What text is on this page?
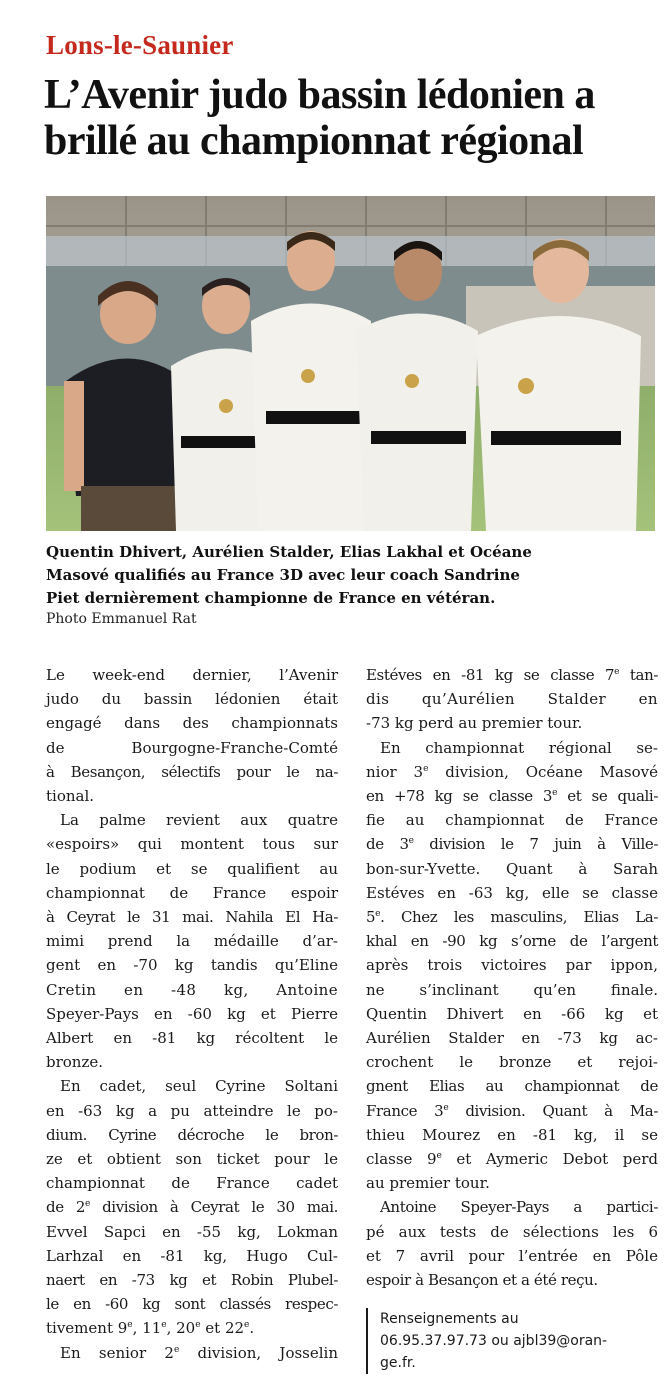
Lons-le-Saunier
L’Avenir judo bassin lédonien a
brillé au championnat régional
Quentin Dhivert, Aurélien Stalder, Elias Lakhal et Océane
Masové qualifiés au France 3D avec leur coach Sandrine
Piet dernièrement championne de France en vétéran.
Photo Emmanuel Rat
Le week-end dernier, l’Avenir
judo du bassin lédonien était
engagé dans des championnats
de Bourgogne-Franche-Comté
à Besançon, sélectifs pour le na-
tional.
La palme revient aux quatre
«espoirs» qui montent tous sur
le podium et se qualifient au
championnat de France espoir
à Ceyrat le 31 mai. Nahila El Ha-
mimi prend la médaille d’ar-
gent en -70 kg tandis qu’Eline
Cretin en -48 kg, Antoine
Speyer-Pays en -60 kg et Pierre
Albert en -81 kg récoltent le
bronze.
En cadet, seul Cyrine Soltani
en -63 kg a pu atteindre le po-
dium. Cyrine décroche le bron-
ze et obtient son ticket pour le
championnat de France cadet
de 2e division à Ceyrat le 30 mai.
Evvel Sapci en -55 kg, Lokman
Larhzal en -81 kg, Hugo Cul-
naert en -73 kg et Robin Plubel-
le en -60 kg sont classés respec-
tivement 9e, 11e, 20e et 22e.
En senior 2e division, Josselin
Estéves en -81 kg se classe 7e tan-
dis qu’Aurélien Stalder en
-73 kg perd au premier tour.
En championnat régional se-
nior 3e division, Océane Masové
en +78 kg se classe 3e et se quali-
fie au championnat de France
de 3e division le 7 juin à Ville-
bon-sur-Yvette. Quant à Sarah
Estéves en -63 kg, elle se classe
5e. Chez les masculins, Elias La-
khal en -90 kg s’orne de l’argent
après trois victoires par ippon,
ne s’inclinant qu’en finale.
Quentin Dhivert en -66 kg et
Aurélien Stalder en -73 kg ac-
crochent le bronze et rejoi-
gnent Elias au championnat de
France 3e division. Quant à Ma-
thieu Mourez en -81 kg, il se
classe 9e et Aymeric Debot perd
au premier tour.
Antoine Speyer-Pays a partici-
pé aux tests de sélections les 6
et 7 avril pour l’entrée en Pôle
espoir à Besançon et a été reçu.
Renseignements au
06.95.37.97.73 ou ajbl39@oran-
ge.fr.
